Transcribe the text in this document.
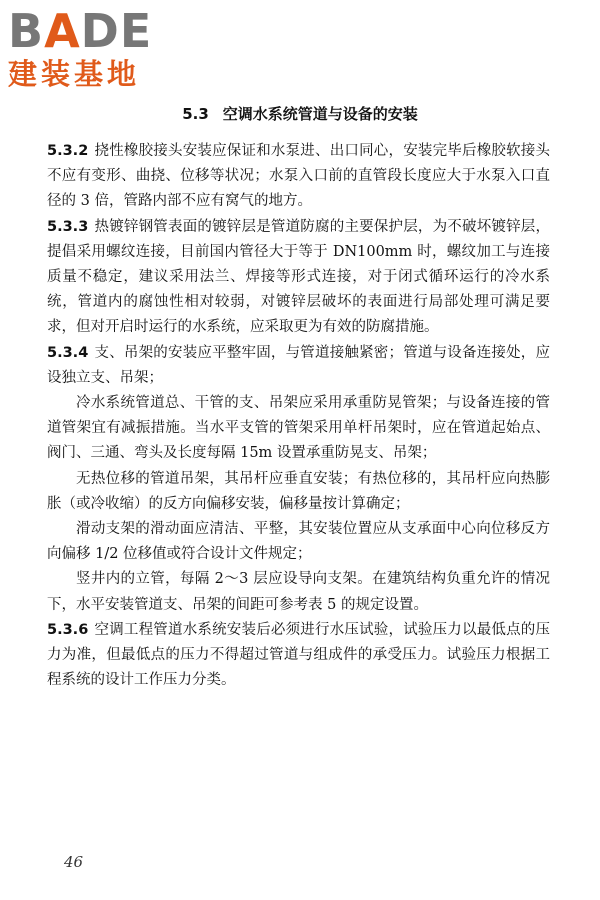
BADE
建装基地
5.3 空调水系统管道与设备的安装

5.3.2 挠性橡胶接头安装应保证和水泵进、出口同心，安装完毕后橡胶软接头不应有变形、曲挠、位移等状况；水泵入口前的直管段长度应大于水泵入口直径的 3 倍，管路内部不应有窝气的地方。

5.3.3 热镀锌钢管表面的镀锌层是管道防腐的主要保护层，为不破坏镀锌层，提倡采用螺纹连接，目前国内管径大于等于 DN100mm 时，螺纹加工与连接质量不稳定，建议采用法兰、焊接等形式连接，对于闭式循环运行的冷水系统，管道内的腐蚀性相对较弱，对镀锌层破坏的表面进行局部处理可满足要求，但对开启时运行的水系统，应采取更为有效的防腐措施。

5.3.4 支、吊架的安装应平整牢固，与管道接触紧密；管道与设备连接处，应设独立支、吊架；

冷水系统管道总、干管的支、吊架应采用承重防晃管架；与设备连接的管道管架宜有减振措施。当水平支管的管架采用单杆吊架时，应在管道起始点、阀门、三通、弯头及长度每隔 15m 设置承重防晃支、吊架；

无热位移的管道吊架，其吊杆应垂直安装；有热位移的，其吊杆应向热膨胀（或冷收缩）的反方向偏移安装，偏移量按计算确定；

滑动支架的滑动面应清洁、平整，其安装位置应从支承面中心向位移反方向偏移 1/2 位移值或符合设计文件规定；

竖井内的立管，每隔 2～3 层应设导向支架。在建筑结构负重允许的情况下，水平安装管道支、吊架的间距可参考表 5 的规定设置。

5.3.6 空调工程管道水系统安装后必须进行水压试验，试验压力以最低点的压力为准，但最低点的压力不得超过管道与组成件的承受压力。试验压力根据工程系统的设计工作压力分类。

46
